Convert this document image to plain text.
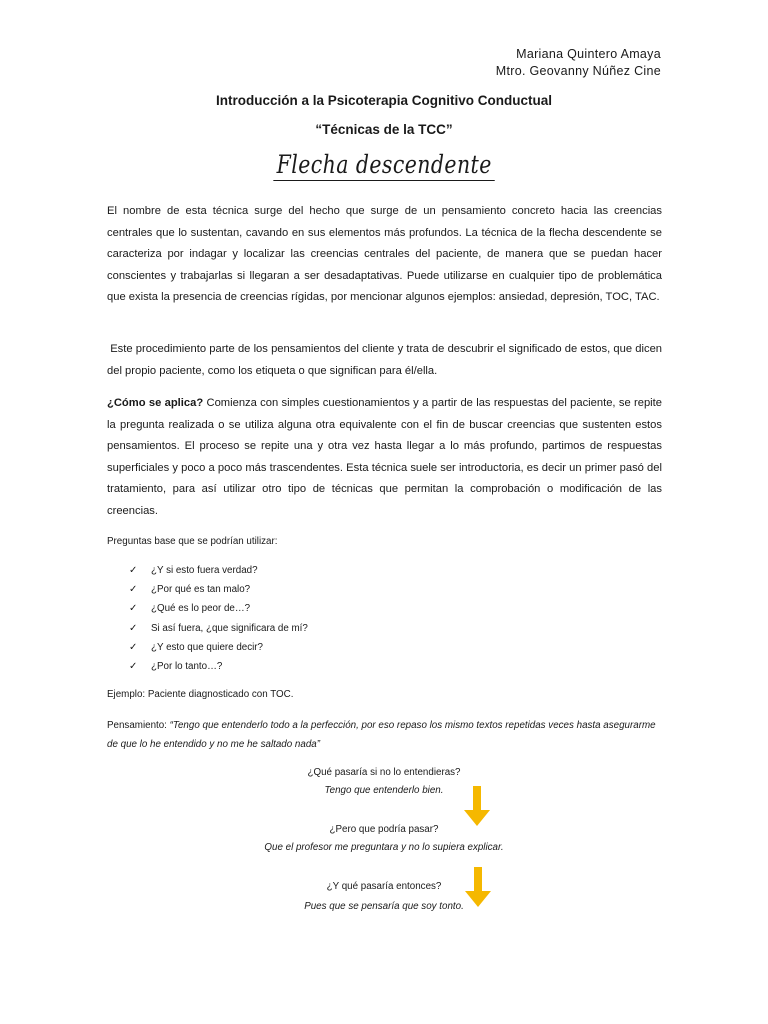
Mariana Quintero Amaya
Mtro. Geovanny Núñez Cine
Introducción a la Psicoterapia Cognitivo Conductual
“Técnicas de la TCC”
Flecha descendente

El nombre de esta técnica surge del hecho que surge de un pensamiento concreto hacia las creencias centrales que lo sustentan, cavando en sus elementos más profundos. La técnica de la flecha descendente se caracteriza por indagar y localizar las creencias centrales del paciente, de manera que se puedan hacer conscientes y trabajarlas si llegaran a ser desadaptativas. Puede utilizarse en cualquier tipo de problemática que exista la presencia de creencias rígidas, por mencionar algunos ejemplos: ansiedad, depresión, TOC, TAC.

Este procedimiento parte de los pensamientos del cliente y trata de descubrir el significado de estos, que dicen del propio paciente, como los etiqueta o que significan para él/ella.

¿Cómo se aplica? Comienza con simples cuestionamientos y a partir de las respuestas del paciente, se repite la pregunta realizada o se utiliza alguna otra equivalente con el fin de buscar creencias que sustenten estos pensamientos. El proceso se repite una y otra vez hasta llegar a lo más profundo, partimos de respuestas superficiales y poco a poco más trascendentes. Esta técnica suele ser introductoria, es decir un primer pasó del tratamiento, para así utilizar otro tipo de técnicas que permitan la comprobación o modificación de las creencias.

Preguntas base que se podrían utilizar:
✓ ¿Y si esto fuera verdad?
✓ ¿Por qué es tan malo?
✓ ¿Qué es lo peor de…?
✓ Si así fuera, ¿que significara de mí?
✓ ¿Y esto que quiere decir?
✓ ¿Por lo tanto…?
Ejemplo: Paciente diagnosticado con TOC.

Pensamiento: “Tengo que entenderlo todo a la perfección, por eso repaso los mismo textos repetidas veces hasta asegurarme de que lo he entendido y no me he saltado nada”

¿Qué pasaría si no lo entendieras?
Tengo que entenderlo bien.
¿Pero que podría pasar?
Que el profesor me preguntara y no lo supiera explicar.
¿Y qué pasaría entonces?
Pues que se pensaría que soy tonto.
